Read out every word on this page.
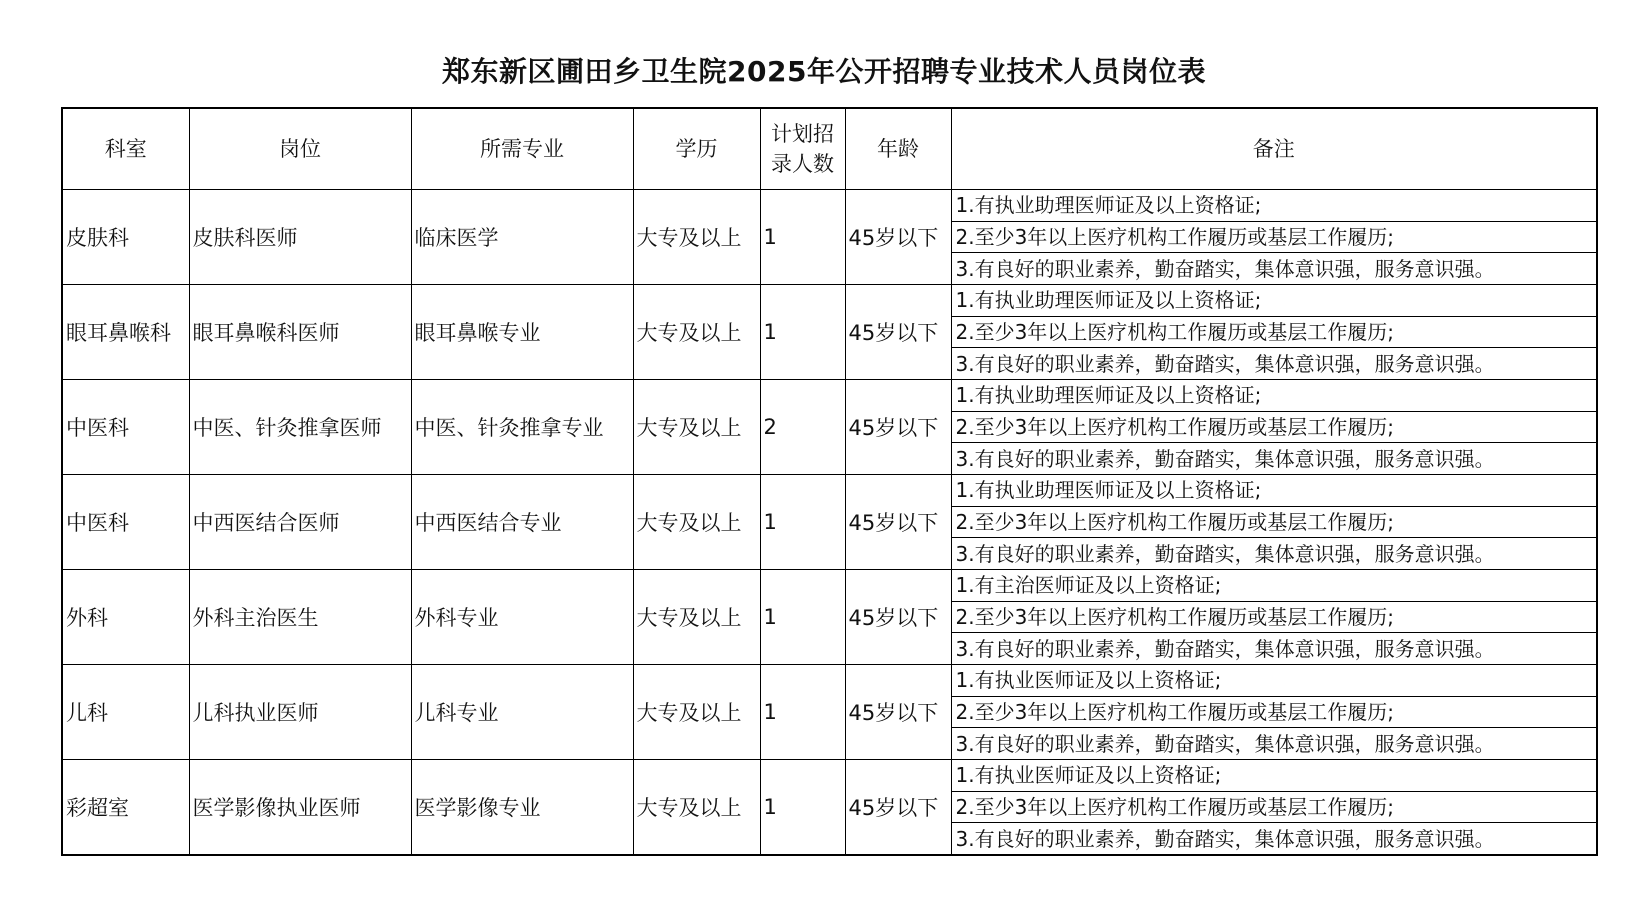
郑东新区圃田乡卫生院2025年公开招聘专业技术人员岗位表
科室	岗位	所需专业	学历	计划招录人数	年龄	备注
皮肤科	皮肤科医师	临床医学	大专及以上	1	45岁以下	1.有执业助理医师证及以上资格证;
						2.至少3年以上医疗机构工作履历或基层工作履历;
						3.有良好的职业素养，勤奋踏实，集体意识强，服务意识强。
眼耳鼻喉科	眼耳鼻喉科医师	眼耳鼻喉专业	大专及以上	1	45岁以下	1.有执业助理医师证及以上资格证;
						2.至少3年以上医疗机构工作履历或基层工作履历;
						3.有良好的职业素养，勤奋踏实，集体意识强，服务意识强。
中医科	中医、针灸推拿医师	中医、针灸推拿专业	大专及以上	2	45岁以下	1.有执业助理医师证及以上资格证;
						2.至少3年以上医疗机构工作履历或基层工作履历;
						3.有良好的职业素养，勤奋踏实，集体意识强，服务意识强。
中医科	中西医结合医师	中西医结合专业	大专及以上	1	45岁以下	1.有执业助理医师证及以上资格证;
						2.至少3年以上医疗机构工作履历或基层工作履历;
						3.有良好的职业素养，勤奋踏实，集体意识强，服务意识强。
外科	外科主治医生	外科专业	大专及以上	1	45岁以下	1.有主治医师证及以上资格证;
						2.至少3年以上医疗机构工作履历或基层工作履历;
						3.有良好的职业素养，勤奋踏实，集体意识强，服务意识强。
儿科	儿科执业医师	儿科专业	大专及以上	1	45岁以下	1.有执业医师证及以上资格证;
						2.至少3年以上医疗机构工作履历或基层工作履历;
						3.有良好的职业素养，勤奋踏实，集体意识强，服务意识强。
彩超室	医学影像执业医师	医学影像专业	大专及以上	1	45岁以下	1.有执业医师证及以上资格证;
						2.至少3年以上医疗机构工作履历或基层工作履历;
						3.有良好的职业素养，勤奋踏实，集体意识强，服务意识强。
